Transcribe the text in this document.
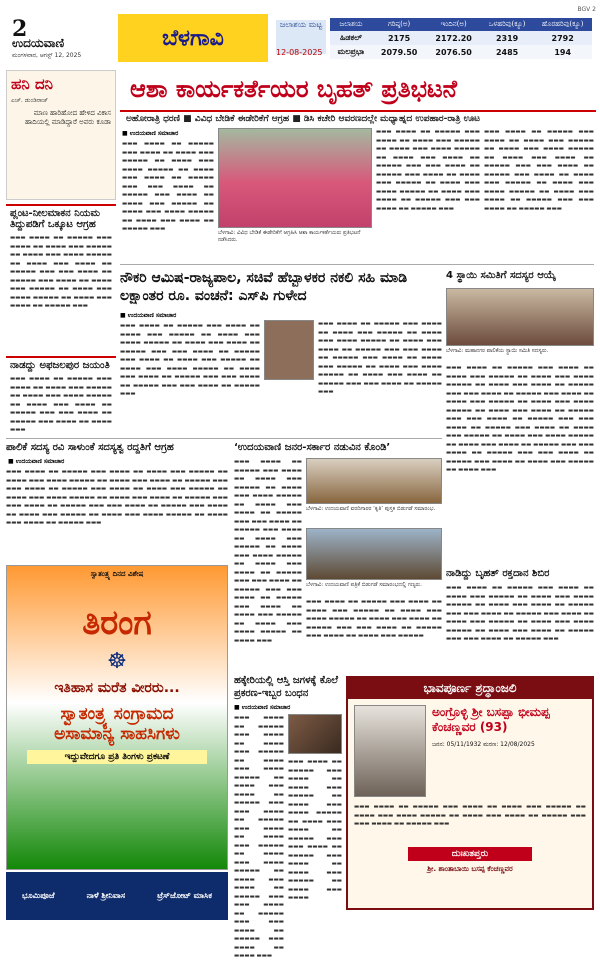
2
ಉದಯವಾಣಿ
ಮಂಗಳವಾರ, ಆಗಸ್ಟ್ 12, 2025
ಬೆಳಗಾವಿ
BGV 2
ಜಲಾಶಯ ಮಟ್ಟ
12-08-2025
ಜಲಾಶಯ	ಗರಿಷ್ಠ(ಅ)	ಇಂದಿನ(ಅ)	ಒಳಹರಿವು(ಕ್ಯೂ)	ಹೊರಹರಿವು(ಕ್ಯೂ)
ಹಿಡಕಲ್	2175	2172.20	2319	2792
ಮಲಪ್ರಭಾ	2079.50	2076.50	2485	194
ಹನಿ ದನಿ
ಎಚ್. ಡುಂಡಿರಾಜ್
ಮಾಣ ಹಾರಿಹೋದ ಹೇಳಿದ ವಿಕಾಸ ಹಾದಿಯಲ್ಲಿ ಮಾಡಿದ್ದಾರೆ ಅವರು ಕೂಡಾ
ಪ್ಲಂಟ-ನೀಲಮಾಕನ ನಿಯಮ ತಿದ್ದುಪಡಿಗೆ ಒಕ್ಕೂಟ ಆಗ್ರಹ
▬▬▬ ▬▬▬▬ ▬▬ ▬▬▬▬▬ ▬▬▬ ▬▬▬▬ ▬▬ ▬▬▬▬ ▬▬▬ ▬▬▬▬▬ ▬▬ ▬▬▬▬ ▬▬▬ ▬▬▬▬ ▬▬▬▬▬ ▬▬ ▬▬▬▬ ▬▬▬ ▬▬▬▬ ▬▬ ▬▬▬▬▬ ▬▬▬ ▬▬▬ ▬▬▬▬ ▬▬ ▬▬▬▬▬ ▬▬▬ ▬▬▬▬ ▬▬ ▬▬▬▬ ▬▬▬ ▬▬▬▬▬ ▬▬ ▬▬▬▬ ▬▬▬ ▬▬▬▬ ▬▬▬▬▬ ▬▬ ▬▬▬▬ ▬▬▬ ▬▬▬▬ ▬▬ ▬▬▬▬▬ ▬▬▬
ನಾಡದ್ದು ಅಫಜಲಪುರ ಜಯಂತಿ
▬▬▬ ▬▬▬▬ ▬▬ ▬▬▬▬▬ ▬▬▬ ▬▬▬▬ ▬▬ ▬▬▬▬ ▬▬▬ ▬▬▬▬▬ ▬▬ ▬▬▬▬ ▬▬▬ ▬▬▬▬ ▬▬▬▬▬ ▬▬ ▬▬▬▬ ▬▬▬ ▬▬▬▬ ▬▬ ▬▬▬▬▬ ▬▬▬ ▬▬▬ ▬▬▬▬ ▬▬ ▬▬▬▬▬ ▬▬▬ ▬▬▬▬ ▬▬ ▬▬▬▬ ▬▬▬
ಆಶಾ ಕಾರ್ಯಕರ್ತೆಯರ ಬೃಹತ್‌ ಪ್ರತಿಭಟನೆ
ಅಹೋರಾತ್ರಿ ಧರಣಿ ■ ವಿವಿಧ ಬೇಡಿಕೆ ಈಡೇರಿಕೆಗೆ ಆಗ್ರಹ ■ ಡಿಸಿ ಕಚೇರಿ ಆವರಣದಲ್ಲೇ ಮಧ್ಯಾಹ್ನದ ಉಪಹಾರ-ರಾತ್ರಿ ಊಟ
■ ಉದಯವಾಣಿ ಸಮಾಚಾರ
▬▬▬ ▬▬▬▬ ▬▬ ▬▬▬▬▬ ▬▬▬ ▬▬▬▬ ▬▬ ▬▬▬▬ ▬▬▬ ▬▬▬▬▬ ▬▬ ▬▬▬▬ ▬▬▬ ▬▬▬▬ ▬▬▬▬▬ ▬▬ ▬▬▬▬ ▬▬▬ ▬▬▬▬ ▬▬ ▬▬▬▬▬ ▬▬▬ ▬▬▬ ▬▬▬▬ ▬▬ ▬▬▬▬▬ ▬▬▬ ▬▬▬▬ ▬▬ ▬▬▬▬ ▬▬▬ ▬▬▬▬▬ ▬▬ ▬▬▬▬ ▬▬▬ ▬▬▬▬ ▬▬▬▬▬ ▬▬ ▬▬▬▬ ▬▬▬ ▬▬▬▬ ▬▬ ▬▬▬▬▬ ▬▬▬
ಬೆಳಗಾವಿ: ವಿವಿಧ ಬೇಡಿಕೆ ಈಡೇರಿಕೆಗೆ ಆಗ್ರಹಿಸಿ ಆಶಾ ಕಾರ್ಯಕರ್ತೆಯರು ಪ್ರತಿಭಟನೆ ನಡೆಸಿದರು.
▬▬▬ ▬▬▬▬ ▬▬ ▬▬▬▬▬ ▬▬▬ ▬▬▬▬ ▬▬ ▬▬▬▬ ▬▬▬ ▬▬▬▬▬ ▬▬ ▬▬▬▬ ▬▬▬ ▬▬▬▬ ▬▬▬▬▬ ▬▬ ▬▬▬▬ ▬▬▬ ▬▬▬▬ ▬▬ ▬▬▬▬▬ ▬▬▬ ▬▬▬ ▬▬▬▬ ▬▬ ▬▬▬▬▬ ▬▬▬ ▬▬▬▬ ▬▬ ▬▬▬▬ ▬▬▬ ▬▬▬▬▬ ▬▬ ▬▬▬▬ ▬▬▬ ▬▬▬▬ ▬▬▬▬▬ ▬▬ ▬▬▬▬ ▬▬▬ ▬▬▬▬ ▬▬ ▬▬▬▬▬ ▬▬▬ ▬▬▬ ▬▬▬▬ ▬▬ ▬▬▬▬▬ ▬▬▬
▬▬▬ ▬▬▬▬ ▬▬ ▬▬▬▬▬ ▬▬▬ ▬▬▬▬ ▬▬ ▬▬▬▬ ▬▬▬ ▬▬▬▬▬ ▬▬ ▬▬▬▬ ▬▬▬ ▬▬▬▬ ▬▬▬▬▬ ▬▬ ▬▬▬▬ ▬▬▬ ▬▬▬▬ ▬▬ ▬▬▬▬▬ ▬▬▬ ▬▬▬ ▬▬▬▬ ▬▬ ▬▬▬▬▬ ▬▬▬ ▬▬▬▬ ▬▬ ▬▬▬▬ ▬▬▬ ▬▬▬▬▬ ▬▬ ▬▬▬▬ ▬▬▬ ▬▬▬▬ ▬▬▬▬▬ ▬▬ ▬▬▬▬ ▬▬▬ ▬▬▬▬ ▬▬ ▬▬▬▬▬ ▬▬▬ ▬▬▬ ▬▬▬▬ ▬▬ ▬▬▬▬▬ ▬▬▬
ನೌಕರಿ ಆಮಿಷ-ರಾಜ್ಯಪಾಲ, ಸಚಿವೆ ಹೆಬ್ಬಾಳಕರ ನಕಲಿ ಸಹಿ ಮಾಡಿ ಲಕ್ಷಾಂತರ ರೂ. ವಂಚನೆ: ಎಸ್‌ಪಿ ಗುಳೇದ
■ ಉದಯವಾಣಿ ಸಮಾಚಾರ
▬▬▬ ▬▬▬▬ ▬▬ ▬▬▬▬▬ ▬▬▬ ▬▬▬▬ ▬▬ ▬▬▬▬ ▬▬▬ ▬▬▬▬▬ ▬▬ ▬▬▬▬ ▬▬▬ ▬▬▬▬ ▬▬▬▬▬ ▬▬ ▬▬▬▬ ▬▬▬ ▬▬▬▬ ▬▬ ▬▬▬▬▬ ▬▬▬ ▬▬▬ ▬▬▬▬ ▬▬ ▬▬▬▬▬ ▬▬▬ ▬▬▬▬ ▬▬ ▬▬▬▬ ▬▬▬ ▬▬▬▬▬ ▬▬ ▬▬▬▬ ▬▬▬ ▬▬▬▬ ▬▬▬▬▬ ▬▬ ▬▬▬▬ ▬▬▬ ▬▬▬▬ ▬▬ ▬▬▬▬▬ ▬▬▬ ▬▬▬ ▬▬▬▬ ▬▬ ▬▬▬▬▬ ▬▬▬ ▬▬▬ ▬▬▬▬ ▬▬ ▬▬▬▬▬ ▬▬▬
▬▬▬ ▬▬▬▬ ▬▬ ▬▬▬▬▬ ▬▬▬ ▬▬▬▬ ▬▬ ▬▬▬▬ ▬▬▬ ▬▬▬▬▬ ▬▬ ▬▬▬▬ ▬▬▬ ▬▬▬▬ ▬▬▬▬▬ ▬▬ ▬▬▬▬ ▬▬▬ ▬▬▬▬ ▬▬ ▬▬▬▬▬ ▬▬▬ ▬▬▬ ▬▬▬▬ ▬▬ ▬▬▬▬▬ ▬▬▬ ▬▬▬▬ ▬▬ ▬▬▬▬ ▬▬▬ ▬▬▬▬▬ ▬▬ ▬▬▬▬ ▬▬▬ ▬▬▬▬ ▬▬▬▬▬ ▬▬ ▬▬▬▬ ▬▬▬ ▬▬▬▬ ▬▬ ▬▬▬▬▬ ▬▬▬ ▬▬▬ ▬▬▬▬ ▬▬ ▬▬▬▬▬ ▬▬▬
4 ಸ್ಥಾಯಿ ಸಮಿತಿಗೆ ಸದಸ್ಯರ ಆಯ್ಕೆ
ಬೆಳಗಾವಿ: ಮಹಾನಗರ ಪಾಲಿಕೆಯ ಸ್ಥಾಯಿ ಸಮಿತಿ ಸದಸ್ಯರು.
▬▬▬ ▬▬▬▬ ▬▬ ▬▬▬▬▬ ▬▬▬ ▬▬▬▬ ▬▬ ▬▬▬▬ ▬▬▬ ▬▬▬▬▬ ▬▬ ▬▬▬▬ ▬▬▬ ▬▬▬▬ ▬▬▬▬▬ ▬▬ ▬▬▬▬ ▬▬▬ ▬▬▬▬ ▬▬ ▬▬▬▬▬ ▬▬▬ ▬▬▬ ▬▬▬▬ ▬▬ ▬▬▬▬▬ ▬▬▬ ▬▬▬▬ ▬▬ ▬▬▬▬ ▬▬▬ ▬▬▬▬▬ ▬▬ ▬▬▬▬ ▬▬▬ ▬▬▬▬ ▬▬▬▬▬ ▬▬ ▬▬▬▬ ▬▬▬ ▬▬▬▬ ▬▬ ▬▬▬▬▬ ▬▬▬ ▬▬▬ ▬▬▬▬ ▬▬ ▬▬▬▬▬ ▬▬▬ ▬▬▬ ▬▬▬▬ ▬▬ ▬▬▬▬▬ ▬▬▬ ▬▬▬▬ ▬▬ ▬▬▬▬ ▬▬▬ ▬▬▬▬▬ ▬▬ ▬▬▬▬ ▬▬▬ ▬▬▬▬ ▬▬▬▬▬ ▬▬ ▬▬▬▬ ▬▬▬ ▬▬▬▬ ▬▬ ▬▬▬▬▬ ▬▬▬ ▬▬▬ ▬▬▬▬ ▬▬ ▬▬▬▬▬ ▬▬▬ ▬▬▬ ▬▬▬▬ ▬▬ ▬▬▬▬▬ ▬▬▬ ▬▬▬▬ ▬▬ ▬▬▬▬ ▬▬▬ ▬▬▬▬▬ ▬▬ ▬▬▬▬ ▬▬▬
ಪಾಲಿಕೆ ಸದಸ್ಯ ರವಿ ಸಾಳುಂಕೆ ಸದಸ್ಯತ್ವ ರದ್ದತಿಗೆ ಆಗ್ರಹ
■ ಉದಯವಾಣಿ ಸಮಾಚಾರ
▬▬▬ ▬▬▬▬ ▬▬ ▬▬▬▬▬ ▬▬▬ ▬▬▬▬ ▬▬ ▬▬▬▬ ▬▬▬ ▬▬▬▬▬ ▬▬ ▬▬▬▬ ▬▬▬ ▬▬▬▬ ▬▬▬▬▬ ▬▬ ▬▬▬▬ ▬▬▬ ▬▬▬▬ ▬▬ ▬▬▬▬▬ ▬▬▬ ▬▬▬ ▬▬▬▬ ▬▬ ▬▬▬▬▬ ▬▬▬ ▬▬▬▬ ▬▬ ▬▬▬▬ ▬▬▬ ▬▬▬▬▬ ▬▬ ▬▬▬▬ ▬▬▬ ▬▬▬▬ ▬▬▬▬▬ ▬▬ ▬▬▬▬ ▬▬▬ ▬▬▬▬ ▬▬ ▬▬▬▬▬ ▬▬▬ ▬▬▬ ▬▬▬▬ ▬▬ ▬▬▬▬▬ ▬▬▬ ▬▬▬ ▬▬▬▬ ▬▬ ▬▬▬▬▬ ▬▬▬ ▬▬▬▬ ▬▬ ▬▬▬▬ ▬▬▬ ▬▬▬▬▬ ▬▬ ▬▬▬▬ ▬▬▬ ▬▬▬▬ ▬▬▬▬▬ ▬▬ ▬▬▬▬ ▬▬▬ ▬▬▬▬ ▬▬ ▬▬▬▬▬ ▬▬▬
‘ಉದಯವಾಣಿ ಜನರ-ಸರ್ಕಾರ ನಡುವಿನ ಕೊಂಡಿ’
ಬೆಳಗಾವಿ: ಉದಯವಾಣಿ ವರದಿಗಾರರ ‘ಕೃತಿ’ ಪುಸ್ತಕ ಬಿಡುಗಡೆ ಸಮಾರಂಭ.
ಬೆಳಗಾವಿ: ಉದಯವಾಣಿ ಪತ್ರಿಕೆ ಬಿಡುಗಡೆ ಸಮಾರಂಭದಲ್ಲಿ ಗಣ್ಯರು.
▬▬▬ ▬▬▬▬ ▬▬ ▬▬▬▬▬ ▬▬▬ ▬▬▬▬ ▬▬ ▬▬▬▬ ▬▬▬ ▬▬▬▬▬ ▬▬ ▬▬▬▬ ▬▬▬ ▬▬▬▬ ▬▬▬▬▬ ▬▬ ▬▬▬▬ ▬▬▬ ▬▬▬▬ ▬▬ ▬▬▬▬▬ ▬▬▬ ▬▬▬ ▬▬▬▬ ▬▬ ▬▬▬▬▬ ▬▬▬ ▬▬▬▬ ▬▬ ▬▬▬▬ ▬▬▬ ▬▬▬▬▬ ▬▬ ▬▬▬▬ ▬▬▬ ▬▬▬▬ ▬▬▬▬▬ ▬▬ ▬▬▬▬ ▬▬▬ ▬▬▬▬ ▬▬ ▬▬▬▬▬ ▬▬▬ ▬▬▬ ▬▬▬▬ ▬▬ ▬▬▬▬▬ ▬▬▬ ▬▬▬ ▬▬▬▬ ▬▬ ▬▬▬▬▬ ▬▬▬ ▬▬▬▬ ▬▬ ▬▬▬▬ ▬▬▬ ▬▬▬▬▬ ▬▬ ▬▬▬▬ ▬▬▬ ▬▬▬▬ ▬▬▬▬▬ ▬▬ ▬▬▬▬ ▬▬▬
▬▬▬ ▬▬▬▬ ▬▬ ▬▬▬▬▬ ▬▬▬ ▬▬▬▬ ▬▬ ▬▬▬▬ ▬▬▬ ▬▬▬▬▬ ▬▬ ▬▬▬▬ ▬▬▬ ▬▬▬▬ ▬▬▬▬▬ ▬▬ ▬▬▬▬ ▬▬▬ ▬▬▬▬ ▬▬ ▬▬▬▬▬ ▬▬▬ ▬▬▬ ▬▬▬▬ ▬▬ ▬▬▬▬▬ ▬▬▬ ▬▬▬▬ ▬▬ ▬▬▬▬ ▬▬▬ ▬▬▬▬▬
ನಾಡಿದ್ದು ಬೃಹತ್‌ ರಕ್ತದಾನ ಶಿಬಿರ
▬▬▬ ▬▬▬▬ ▬▬ ▬▬▬▬▬ ▬▬▬ ▬▬▬▬ ▬▬ ▬▬▬▬ ▬▬▬ ▬▬▬▬▬ ▬▬ ▬▬▬▬ ▬▬▬ ▬▬▬▬ ▬▬▬▬▬ ▬▬ ▬▬▬▬ ▬▬▬ ▬▬▬▬ ▬▬ ▬▬▬▬▬ ▬▬▬ ▬▬▬ ▬▬▬▬ ▬▬ ▬▬▬▬▬ ▬▬▬ ▬▬▬▬ ▬▬ ▬▬▬▬ ▬▬▬ ▬▬▬▬▬ ▬▬ ▬▬▬▬ ▬▬▬ ▬▬▬▬ ▬▬▬▬▬ ▬▬ ▬▬▬▬ ▬▬▬ ▬▬▬▬ ▬▬ ▬▬▬▬▬ ▬▬▬ ▬▬▬ ▬▬▬▬ ▬▬ ▬▬▬▬▬ ▬▬▬
ಹಕ್ಕೇರಿಯಲ್ಲಿ ಆಸ್ತಿ ಜಗಳಕ್ಕೆ ಕೊಲೆ ಪ್ರಕರಣ-ಇಬ್ಬರ ಬಂಧನ
■ ಉದಯವಾಣಿ ಸಮಾಚಾರ
▬▬▬ ▬▬▬▬ ▬▬ ▬▬▬▬▬ ▬▬▬ ▬▬▬▬ ▬▬ ▬▬▬▬ ▬▬▬ ▬▬▬▬▬ ▬▬ ▬▬▬▬ ▬▬▬ ▬▬▬▬ ▬▬▬▬▬ ▬▬ ▬▬▬▬ ▬▬▬ ▬▬▬▬ ▬▬ ▬▬▬▬▬ ▬▬▬ ▬▬▬ ▬▬▬▬ ▬▬ ▬▬▬▬▬ ▬▬▬ ▬▬▬▬ ▬▬ ▬▬▬▬ ▬▬▬ ▬▬▬▬▬ ▬▬ ▬▬▬▬ ▬▬▬ ▬▬▬▬ ▬▬▬▬▬ ▬▬ ▬▬▬▬ ▬▬▬ ▬▬▬▬ ▬▬ ▬▬▬▬▬ ▬▬▬ ▬▬▬ ▬▬▬▬ ▬▬ ▬▬▬▬▬ ▬▬▬ ▬▬▬ ▬▬▬▬ ▬▬ ▬▬▬▬▬ ▬▬▬ ▬▬▬▬ ▬▬ ▬▬▬▬ ▬▬▬
▬▬▬ ▬▬▬▬ ▬▬ ▬▬▬▬▬ ▬▬▬ ▬▬▬▬ ▬▬ ▬▬▬▬ ▬▬▬ ▬▬▬▬▬ ▬▬ ▬▬▬▬ ▬▬▬ ▬▬▬▬ ▬▬▬▬▬ ▬▬ ▬▬▬▬ ▬▬▬ ▬▬▬▬ ▬▬ ▬▬▬▬▬ ▬▬▬ ▬▬▬ ▬▬▬▬ ▬▬ ▬▬▬▬▬ ▬▬▬ ▬▬▬▬ ▬▬ ▬▬▬▬ ▬▬▬ ▬▬▬▬▬ ▬▬ ▬▬▬▬ ▬▬▬ ▬▬▬▬
ಸ್ವಾತಂತ್ರ್ಯ ದಿನದ ವಿಶೇಷ
ತಿರಂಗ
☸
ಇತಿಹಾಸ ಮರೆತ ವೀರರು...
ಸ್ವಾತಂತ್ರ್ಯ ಸಂಗ್ರಾಮದ
ಅಸಾಮಾನ್ಯ ಸಾಹಸಿಗಳು
ಇದ್ದುವೇದಗೂ ಪ್ರತಿ ತಿಂಗಳು ಪ್ರಕಟಣೆ
ಭೂಮಿಪೂಜೆ	ನಾಳೆ ಶ್ರೀನಿವಾಸ	ಟ್ರೆಸ್‌ಜೋಟ್ ಮಾಸಿಕ
ಭಾವಪೂರ್ಣ ಶ್ರದ್ಧಾಂಜಲಿ
ಅಂಗ್ರೊಳ್ಳಿ ಶ್ರೀ ಬಸಪ್ಪಾ ಭೀಮಪ್ಪ ಕೆಂಚಣ್ಣವರ (93)
ಜನನ: 05/11/1932 ಮರಣ: 12/08/2025
▬▬▬ ▬▬▬▬ ▬▬ ▬▬▬▬▬ ▬▬▬ ▬▬▬▬ ▬▬ ▬▬▬▬ ▬▬▬ ▬▬▬▬▬ ▬▬ ▬▬▬▬ ▬▬▬ ▬▬▬▬ ▬▬▬▬▬ ▬▬ ▬▬▬▬ ▬▬▬ ▬▬▬▬ ▬▬ ▬▬▬▬▬ ▬▬▬ ▬▬▬ ▬▬▬▬ ▬▬ ▬▬▬▬▬ ▬▬▬
ದುಃಖತಪ್ತರು
ಶ್ರೀ. ಶಾಂತಾಬಾಯಿ ಬಸಪ್ಪ ಕೆಂಚಣ್ಣವರ
